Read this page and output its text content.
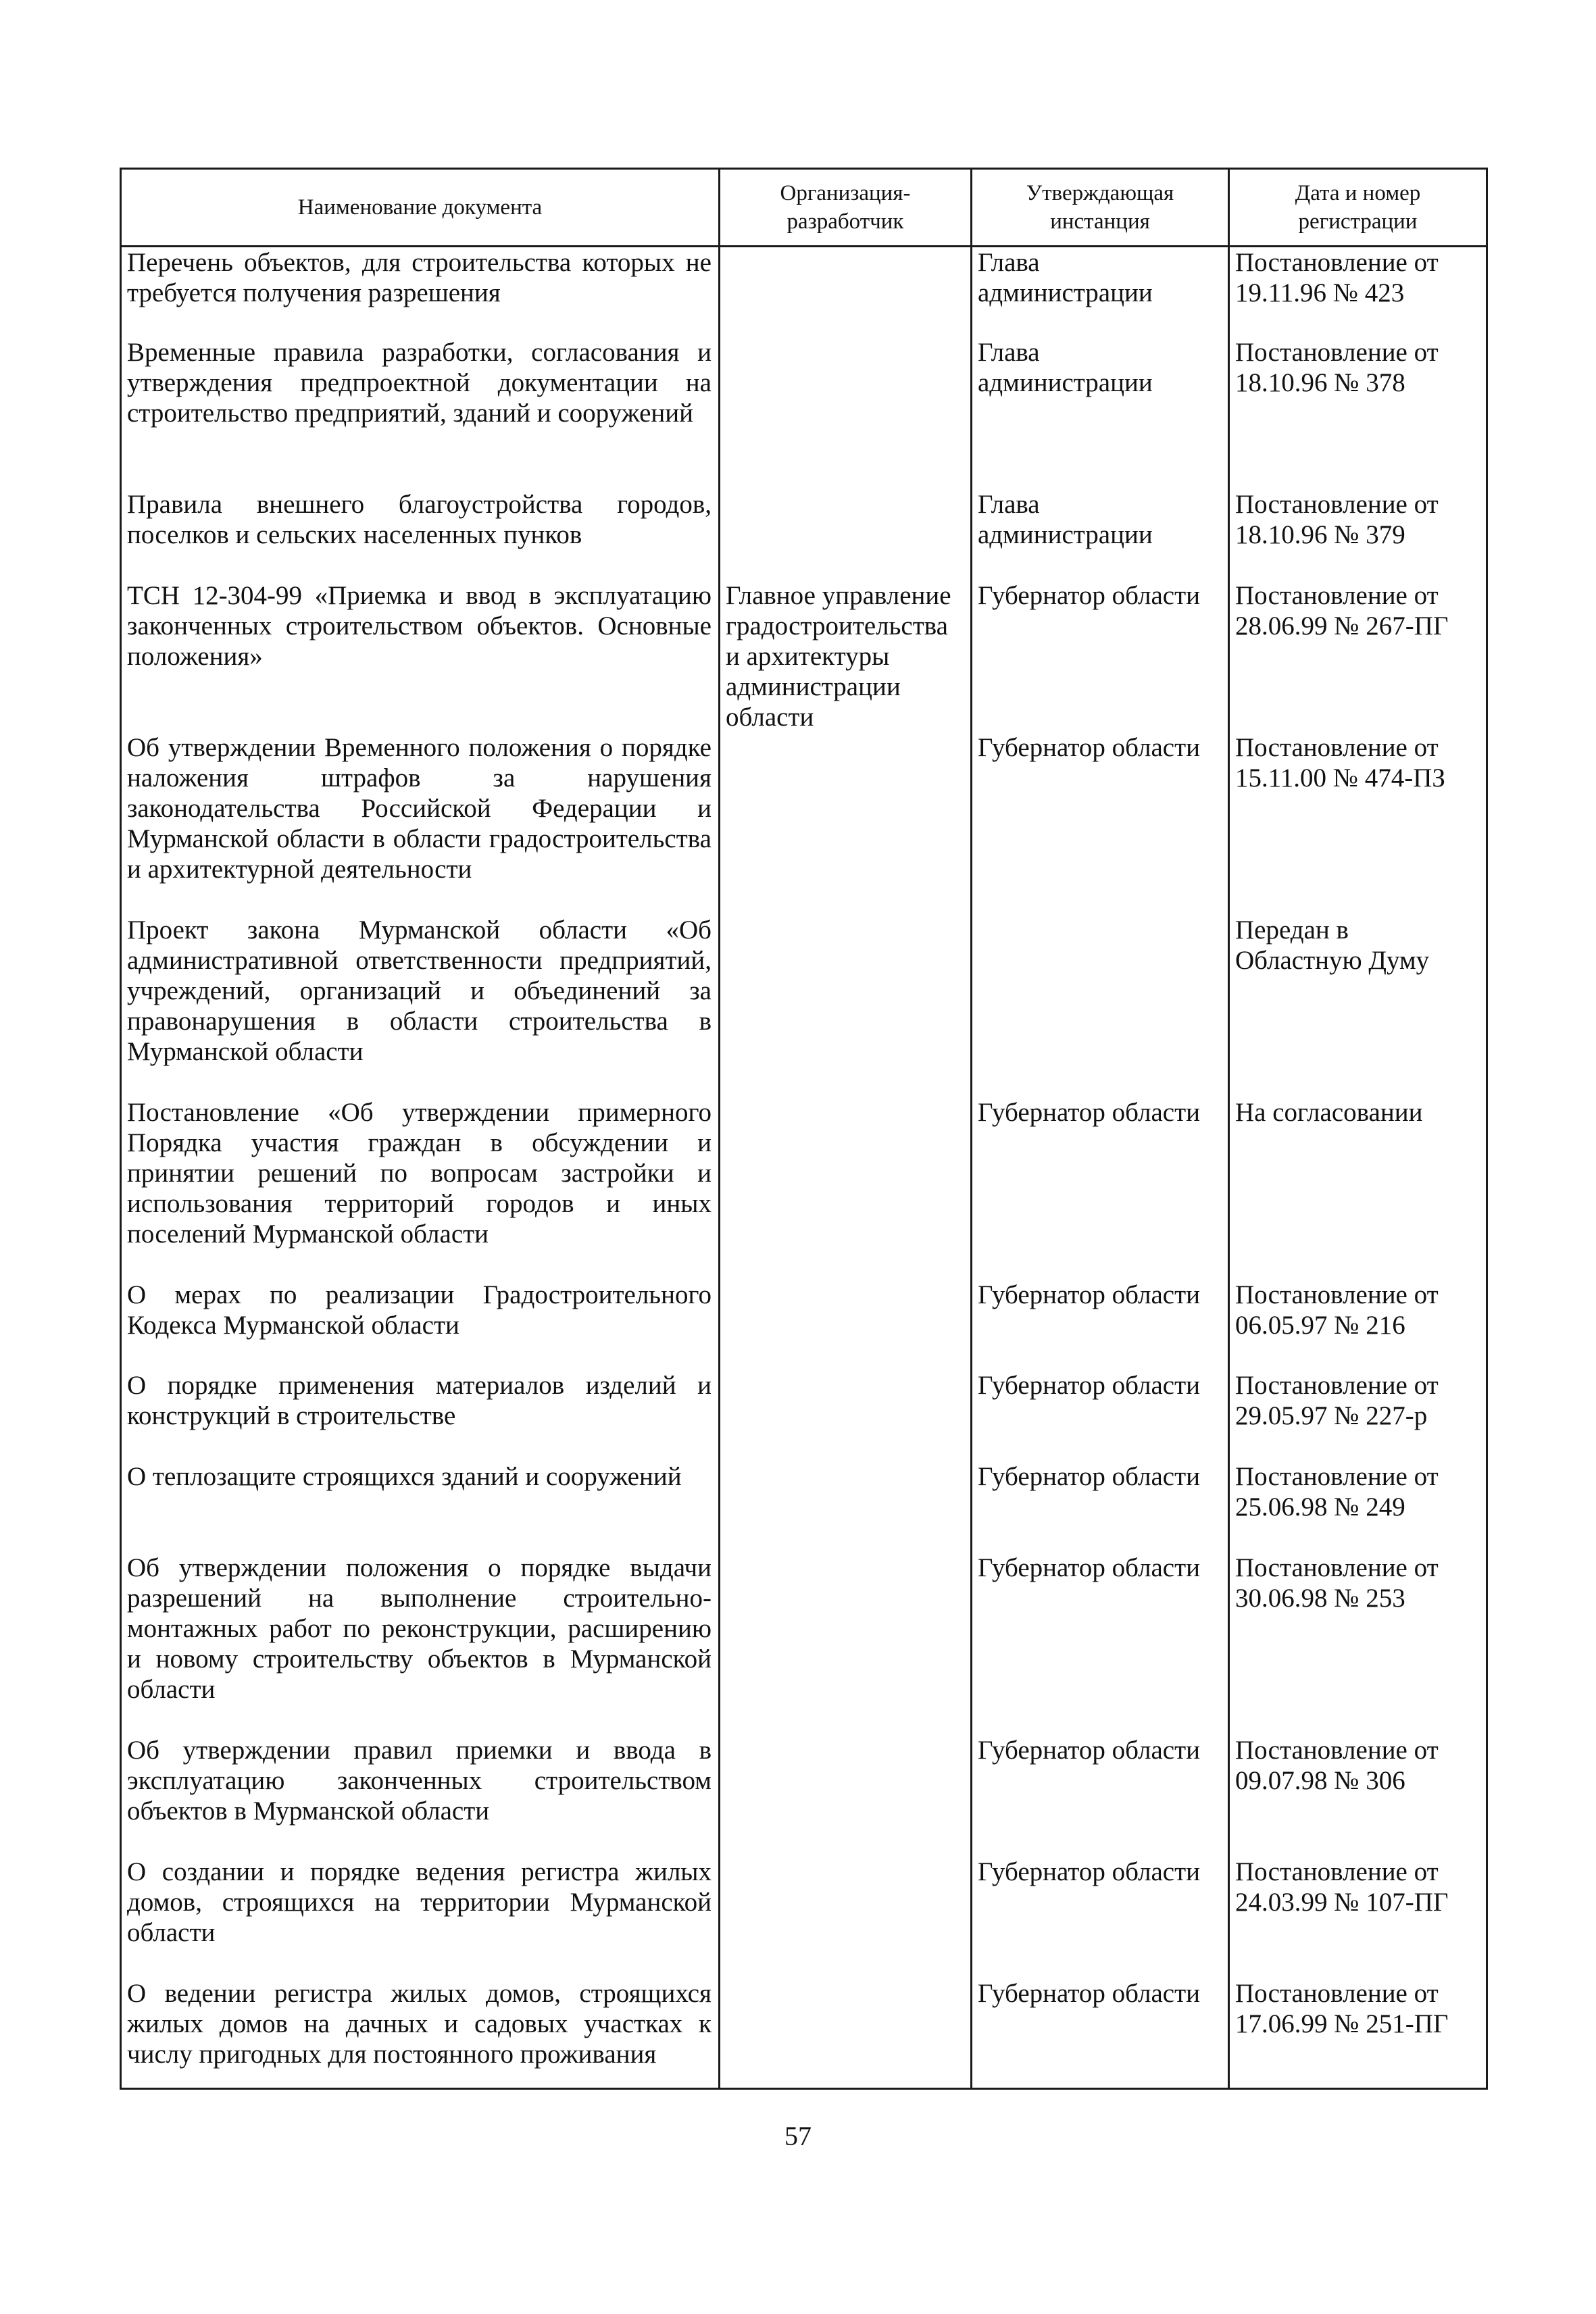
Наименование документа	Организация-разработчик	Утверждающая инстанция	Дата и номер регистрации
Перечень объектов, для строительства которых не требуется получения разрешения		Глава администрации	Постановление от 19.11.96 № 423
Временные правила разработки, согласования и утверждения предпроектной документации на строительство предприятий, зданий и сооружений		Глава администрации	Постановление от 18.10.96 № 378
Правила внешнего благоустройства городов, поселков и сельских населенных пунков		Глава администрации	Постановление от 18.10.96 № 379
ТСН 12-304-99 «Приемка и ввод в эксплуатацию законченных строительством объектов. Основные положения»	Главное управление градостроительства и архитектуры администрации области	Губернатор области	Постановление от 28.06.99 № 267-ПГ
Об утверждении Временного положения о порядке наложения штрафов за нарушения законодательства Российской Федерации и Мурманской области в области градостроительства и архитектурной деятельности		Губернатор области	Постановление от 15.11.00 № 474-ПЗ
Проект закона Мурманской области «Об административной ответственности предприятий, учреждений, организаций и объединений за правонарушения в области строительства в Мурманской области			Передан в Областную Думу
Постановление «Об утверждении примерного Порядка участия граждан в обсуждении и принятии решений по вопросам застройки и использования территорий городов и иных поселений Мурманской области		Губернатор области	На согласовании
О мерах по реализации Градостроительного Кодекса Мурманской области		Губернатор области	Постановление от 06.05.97 № 216
О порядке применения материалов изделий и конструкций в строительстве		Губернатор области	Постановление от 29.05.97 № 227-р
О теплозащите строящихся зданий и сооружений		Губернатор области	Постановление от 25.06.98 № 249
Об утверждении положения о порядке выдачи разрешений на выполнение строительно-монтажных работ по реконструкции, расширению и новому строительству объектов в Мурманской области		Губернатор области	Постановление от 30.06.98 № 253
Об утверждении правил приемки и ввода в эксплуатацию законченных строительством объектов в Мурманской области		Губернатор области	Постановление от 09.07.98 № 306
О создании и порядке ведения регистра жилых домов, строящихся на территории Мурманской области		Губернатор области	Постановление от 24.03.99 № 107-ПГ
О ведении регистра жилых домов, строящихся жилых домов на дачных и садовых участках к числу пригодных для постоянного проживания		Губернатор области	Постановление от 17.06.99 № 251-ПГ
57
